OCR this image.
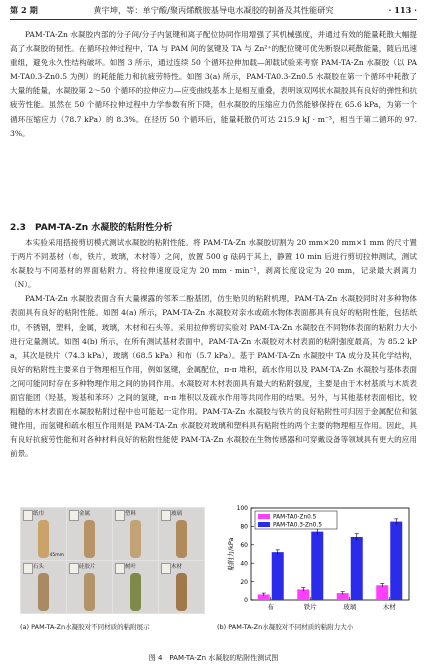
第 2 期	黄宇坤，等：单宁酸/聚丙烯酰胺基导电水凝胶的制备及其性能研究	· 113 ·

PAM-TA-Zn 水凝胶内部的分子间/分子内氢键和离子配位协同作用增强了其机械强度，并通过有效的能量耗散大幅提高了水凝胶的韧性。在循环拉伸过程中，TA 与 PAM 间的氢键及 TA 与 Zn²⁺的配位键可优先断裂以耗散能量，随后迅速重组，避免永久性结构破坏。如图 3 所示，通过连续 50 个循环拉伸加载—卸载试验来考察 PAM-TA-Zn 水凝胶（以 PAM-TA0.3-Zn0.5 为例）的耗能能力和抗疲劳特性。如图 3(a) 所示，PAM-TA0.3-Zn0.5 水凝胶在第一个循环中耗散了大量的能量，水凝胶第 2～50 个循环的拉伸应力—应变曲线基本上是相互重叠，表明该双网状水凝胶具有良好的弹性和抗疲劳性能。虽然在 50 个循环拉伸过程中力学参数有所下降，但水凝胶的压缩应力仍然能够保持在 65.6 kPa，为第一个循环压缩应力（78.7 kPa）的 8.3%。在径历 50 个循环后，能量耗散仍可达 215.9 kJ · m⁻³，相当于第二循环的 97.3%。

2.3　PAM-TA-Zn 水凝胶的粘附性分析

本实验采用搭接剪切模式测试水凝胶的粘附性能。将 PAM-TA-Zn 水凝胶切割为 20 mm×20 mm×1 mm 的尺寸置于两片不同基材（布，铁片，玻璃，木材等）之间，放置 500 g 砝码于其上，静置 10 min 后进行剪切拉伸测试，测试水凝胶与不同基材的界面粘附力。将拉伸速度设定为 20 mm · min⁻¹，剥离长度设定为 20 mm，记录最大剥离力（N）。

PAM-TA-Zn 水凝胶表面含有大量裸露的邻苯二酚基团，仿生贻贝的粘附机理，PAM-TA-Zn 水凝胶同时对多种物体表面具有良好的粘附性能。如图 4(a) 所示，PAM-TA-Zn 水凝胶对亲水或疏水物体表面都具有良好的粘附性能，包括纸巾，不锈钢，塑料，金属，玻璃，木材和石头等。采用拉伸剪切实验对 PAM-TA-Zn 水凝胶在不同物体表面的粘附力大小进行定量测试。如图 4(b) 所示，在所有测试基材表面中，PAM-TA-Zn 水凝胶对木材表面的粘附强度最高，为 85.2 kPa，其次是铁片（74.3 kPa），玻璃（68.5 kPa）和布（5.7 kPa）。基于 PAM-TA-Zn 水凝胶中 TA 成分及其化学结构，良好的粘附性主要来自于物理相互作用，例如氢键，金属配位，π-π 堆积，疏水作用以及 PAM-TA-Zn 水凝胶与基体表面之间可能同时存在多种物理作用之间的协同作用。水凝胶对木材表面具有最大的粘附强度，主要是由于木材基质与木质表面官能团（羟基，羧基和苯环）之间的氢键，π-π 堆积以及疏水作用等共同作用的结果。另外，与其他基材表面相比，较粗糙的木材表面在水凝胶粘附过程中也可能起一定作用。PAM-TA-Zn 水凝胶与铁片的良好粘附性可归因于金属配位和氢键作用，而氢键和疏水相互作用则是 PAM-TA-Zn 水凝胶对玻璃和塑料具有粘附性的两个主要的物理相互作用。因此，具有良好抗疲劳性能和对各种材料良好的粘附性能使 PAM-TA-Zn 水凝胶在生物传感器和可穿戴设备等领域具有更大的应用前景。

纸巾
45mm
金属	塑料	玻璃
石头	硅胶片	树叶	木材
(a) PAM-TA-Zn水凝胶对不同材质的粘附展示	(b) PAM-TA-Zn水凝胶对不同材质的粘附力大小
0
20
40
60
80
100
粘附力/kPa
布	铁片	玻璃	木材
PAM-TA0-Zn0.5
PAM-TA0.3-Zn0.5
图 4　PAM-TA-Zn 水凝胶的粘附性测试图
